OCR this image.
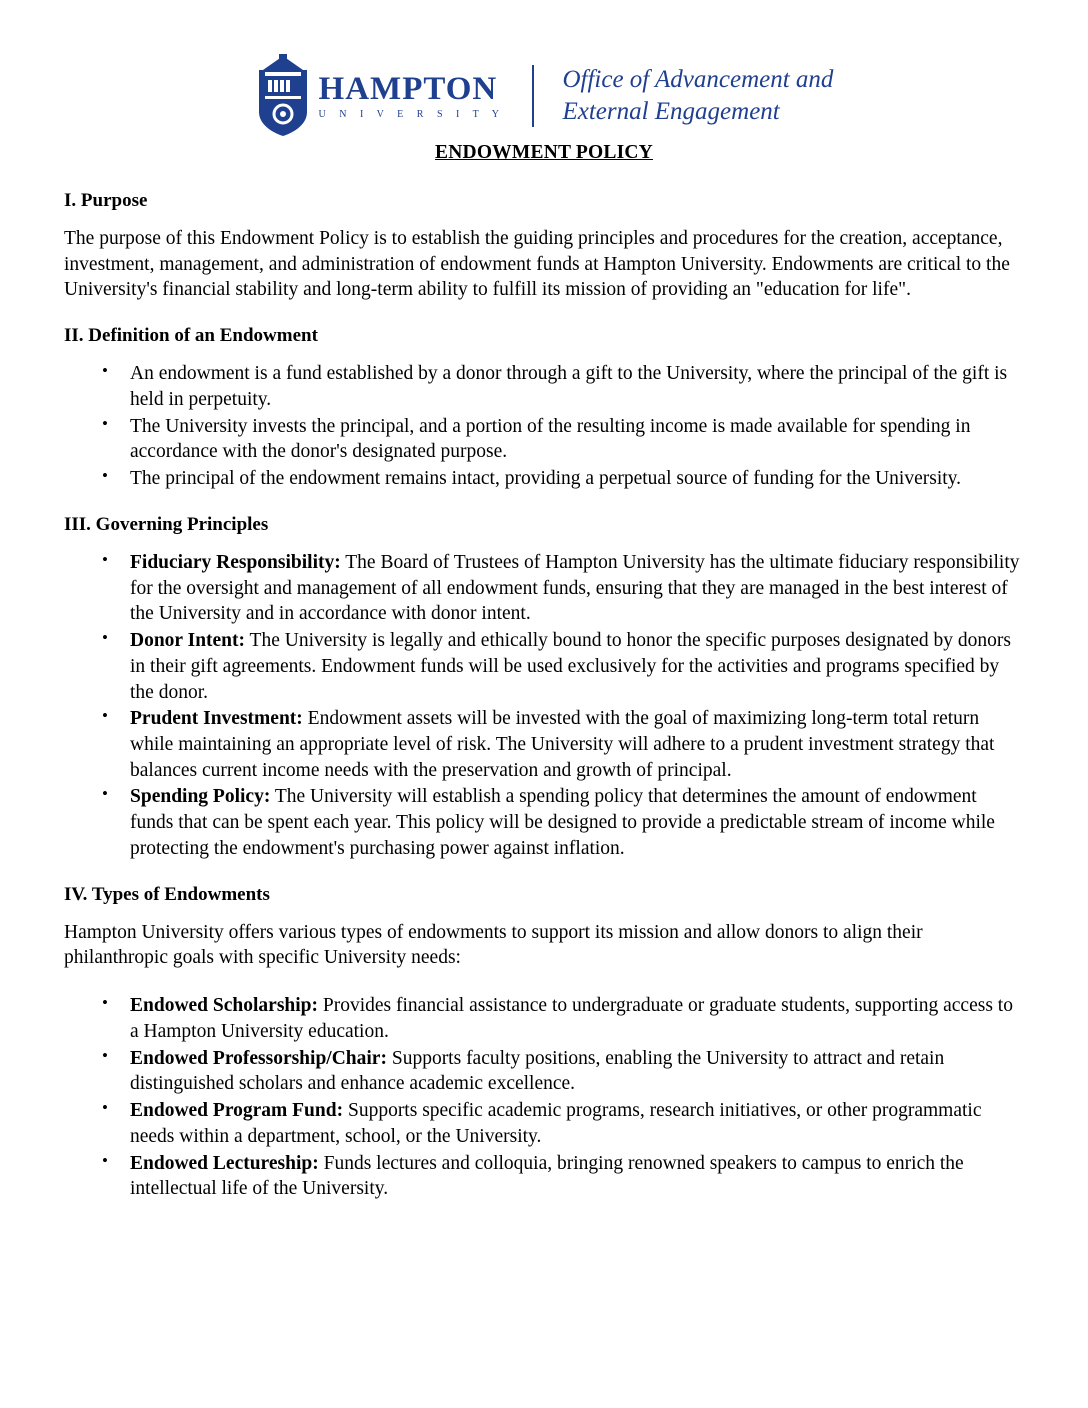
HAMPTON
U N I V E R S I T Y
Office of Advancement and
External Engagement
ENDOWMENT POLICY
I. Purpose

The purpose of this Endowment Policy is to establish the guiding principles and procedures for the creation, acceptance, investment, management, and administration of endowment funds at Hampton University. Endowments are critical to the University's financial stability and long-term ability to fulfill its mission of providing an "education for life".

II. Definition of an Endowment
• An endowment is a fund established by a donor through a gift to the University, where the principal of the gift is held in perpetuity.
• The University invests the principal, and a portion of the resulting income is made available for spending in accordance with the donor's designated purpose.
• The principal of the endowment remains intact, providing a perpetual source of funding for the University.
III. Governing Principles
• Fiduciary Responsibility: The Board of Trustees of Hampton University has the ultimate fiduciary responsibility for the oversight and management of all endowment funds, ensuring that they are managed in the best interest of the University and in accordance with donor intent.
• Donor Intent: The University is legally and ethically bound to honor the specific purposes designated by donors in their gift agreements. Endowment funds will be used exclusively for the activities and programs specified by the donor.
• Prudent Investment: Endowment assets will be invested with the goal of maximizing long-term total return while maintaining an appropriate level of risk. The University will adhere to a prudent investment strategy that balances current income needs with the preservation and growth of principal.
• Spending Policy: The University will establish a spending policy that determines the amount of endowment funds that can be spent each year. This policy will be designed to provide a predictable stream of income while protecting the endowment's purchasing power against inflation.
IV. Types of Endowments

Hampton University offers various types of endowments to support its mission and allow donors to align their philanthropic goals with specific University needs:

• Endowed Scholarship: Provides financial assistance to undergraduate or graduate students, supporting access to a Hampton University education.
• Endowed Professorship/Chair: Supports faculty positions, enabling the University to attract and retain distinguished scholars and enhance academic excellence.
• Endowed Program Fund: Supports specific academic programs, research initiatives, or other programmatic needs within a department, school, or the University.
• Endowed Lectureship: Funds lectures and colloquia, bringing renowned speakers to campus to enrich the intellectual life of the University.
